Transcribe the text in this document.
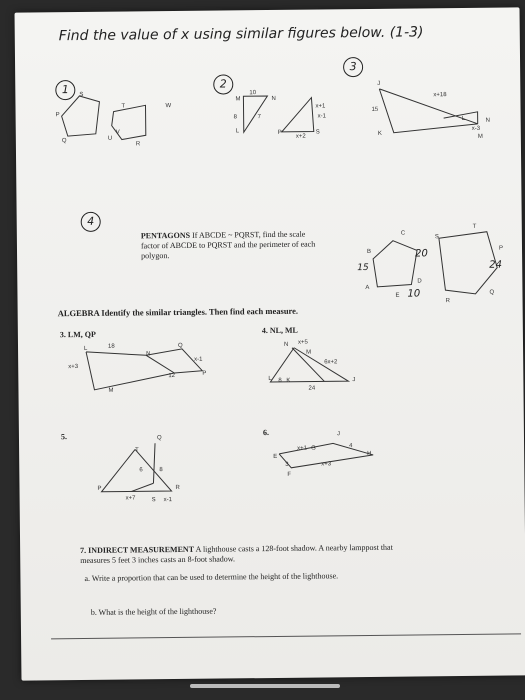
Find the value of x using similar figures below. (1-3)
1	2
3
4
S
P
Q
V
U
T	W
R
M
10
N
x+1
8
L
7	x-1
P
x+2
S
J
x+18
15
K
L	N
x-3
M
PENTAGONS If ABCDE ~ PQRST, find the scale factor of ABCDE to PQRST and the perimeter of each polygon.	B
C
15
20
A
D
E 10
S
T
P
24
R
Q
ALGEBRA Identify the similar triangles. Then find each measure.
3. LM, QP	4. NL, ML
L	18
N
Q
x+3
12
x-1
P
M
N x+5
M
6x+2
L 8 K
24
J
5.	6.
Q
T
6	8
R
P
x+7	S x-1
J
x+1 G	4
H
E
3	x+3
F
7. INDIRECT MEASUREMENT A lighthouse casts a 128-foot shadow. A nearby lamppost that measures 5 feet 3 inches casts an 8-foot shadow.
a. Write a proportion that can be used to determine the height of the lighthouse.
b. What is the height of the lighthouse?
